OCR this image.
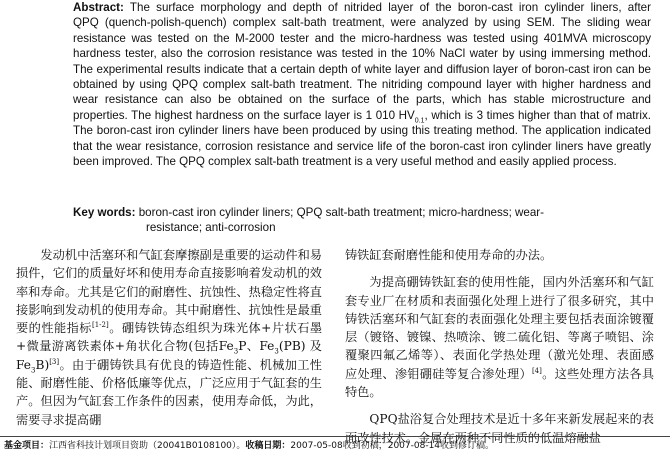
Abstract: The surface morphology and depth of nitrided layer of the boron-cast iron cylinder liners, after QPQ (quench-polish-quench) complex salt-bath treatment, were analyzed by using SEM. The sliding wear resistance was tested on the M-2000 tester and the micro-hardness was tested using 401MVA microscopy hardness tester, also the corrosion resistance was tested in the 10% NaCl water by using immersing method. The experimental results indicate that a certain depth of white layer and diffusion layer of boron-cast iron can be obtained by using QPQ complex salt-bath treatment. The nitriding compound layer with higher hardness and wear resistance can also be obtained on the surface of the parts, which has stable microstructure and properties. The highest hardness on the surface layer is 1 010 $HV_{0.1}$, which is 3 times higher than that of matrix. The boron-cast iron cylinder liners have been produced by using this treating method. The application indicated that the wear resistance, corrosion resistance and service life of the boron-cast iron cylinder liners have greatly been improved. The QPQ complex salt-bath treatment is a very useful method and easily applied process.

Key words: boron-cast iron cylinder liners; QPQ salt-bath treatment; micro-hardness; wear-
resistance; anti-corrosion

发动机中活塞环和气缸套摩擦副是重要的运动件和易损件，它们的质量好坏和使用寿命直接影响着发动机的效率和寿命。尤其是它们的耐磨性、抗蚀性、热稳定性将直接影响到发动机的使用寿命。其中耐磨性、抗蚀性是最重要的性能指标[1-2]。硼铸铁铸态组织为珠光体+片状石墨+微量游离铁素体+角状化合物(包括$Fe_3P$、$Fe_3(PB)$ 及$Fe_3B)[3]$。由于硼铸铁具有优良的铸造性能、机械加工性能、耐磨性能、价格低廉等优点，广泛应用于气缸套的生产。但因为气缸套工作条件的因素，使用寿命低，为此，需要寻求提高硼

铸铁缸套耐磨性能和使用寿命的办法。

为提高硼铸铁缸套的使用性能，国内外活塞环和气缸套专业厂在材质和表面强化处理上进行了很多研究，其中铸铁活塞环和气缸套的表面强化处理主要包括表面涂镀覆层（镀铬、镀镍、热喷涂、镀二硫化铝、等离子喷铝、涂覆聚四氟乙烯等）、表面化学热处理（激光处理、表面感应处理、渗钼硼硅等复合渗处理）[4]。这些处理方法各具特色。

QPQ盐浴复合处理技术是近十多年来新发展起来的表面改性技术。金属在两种不同性质的低温熔融盐

基金项目：江西省科技计划项目资助（20041B0108100）。收稿日期：2007-05-08收到初稿，2007-08-14收到修订稿。
